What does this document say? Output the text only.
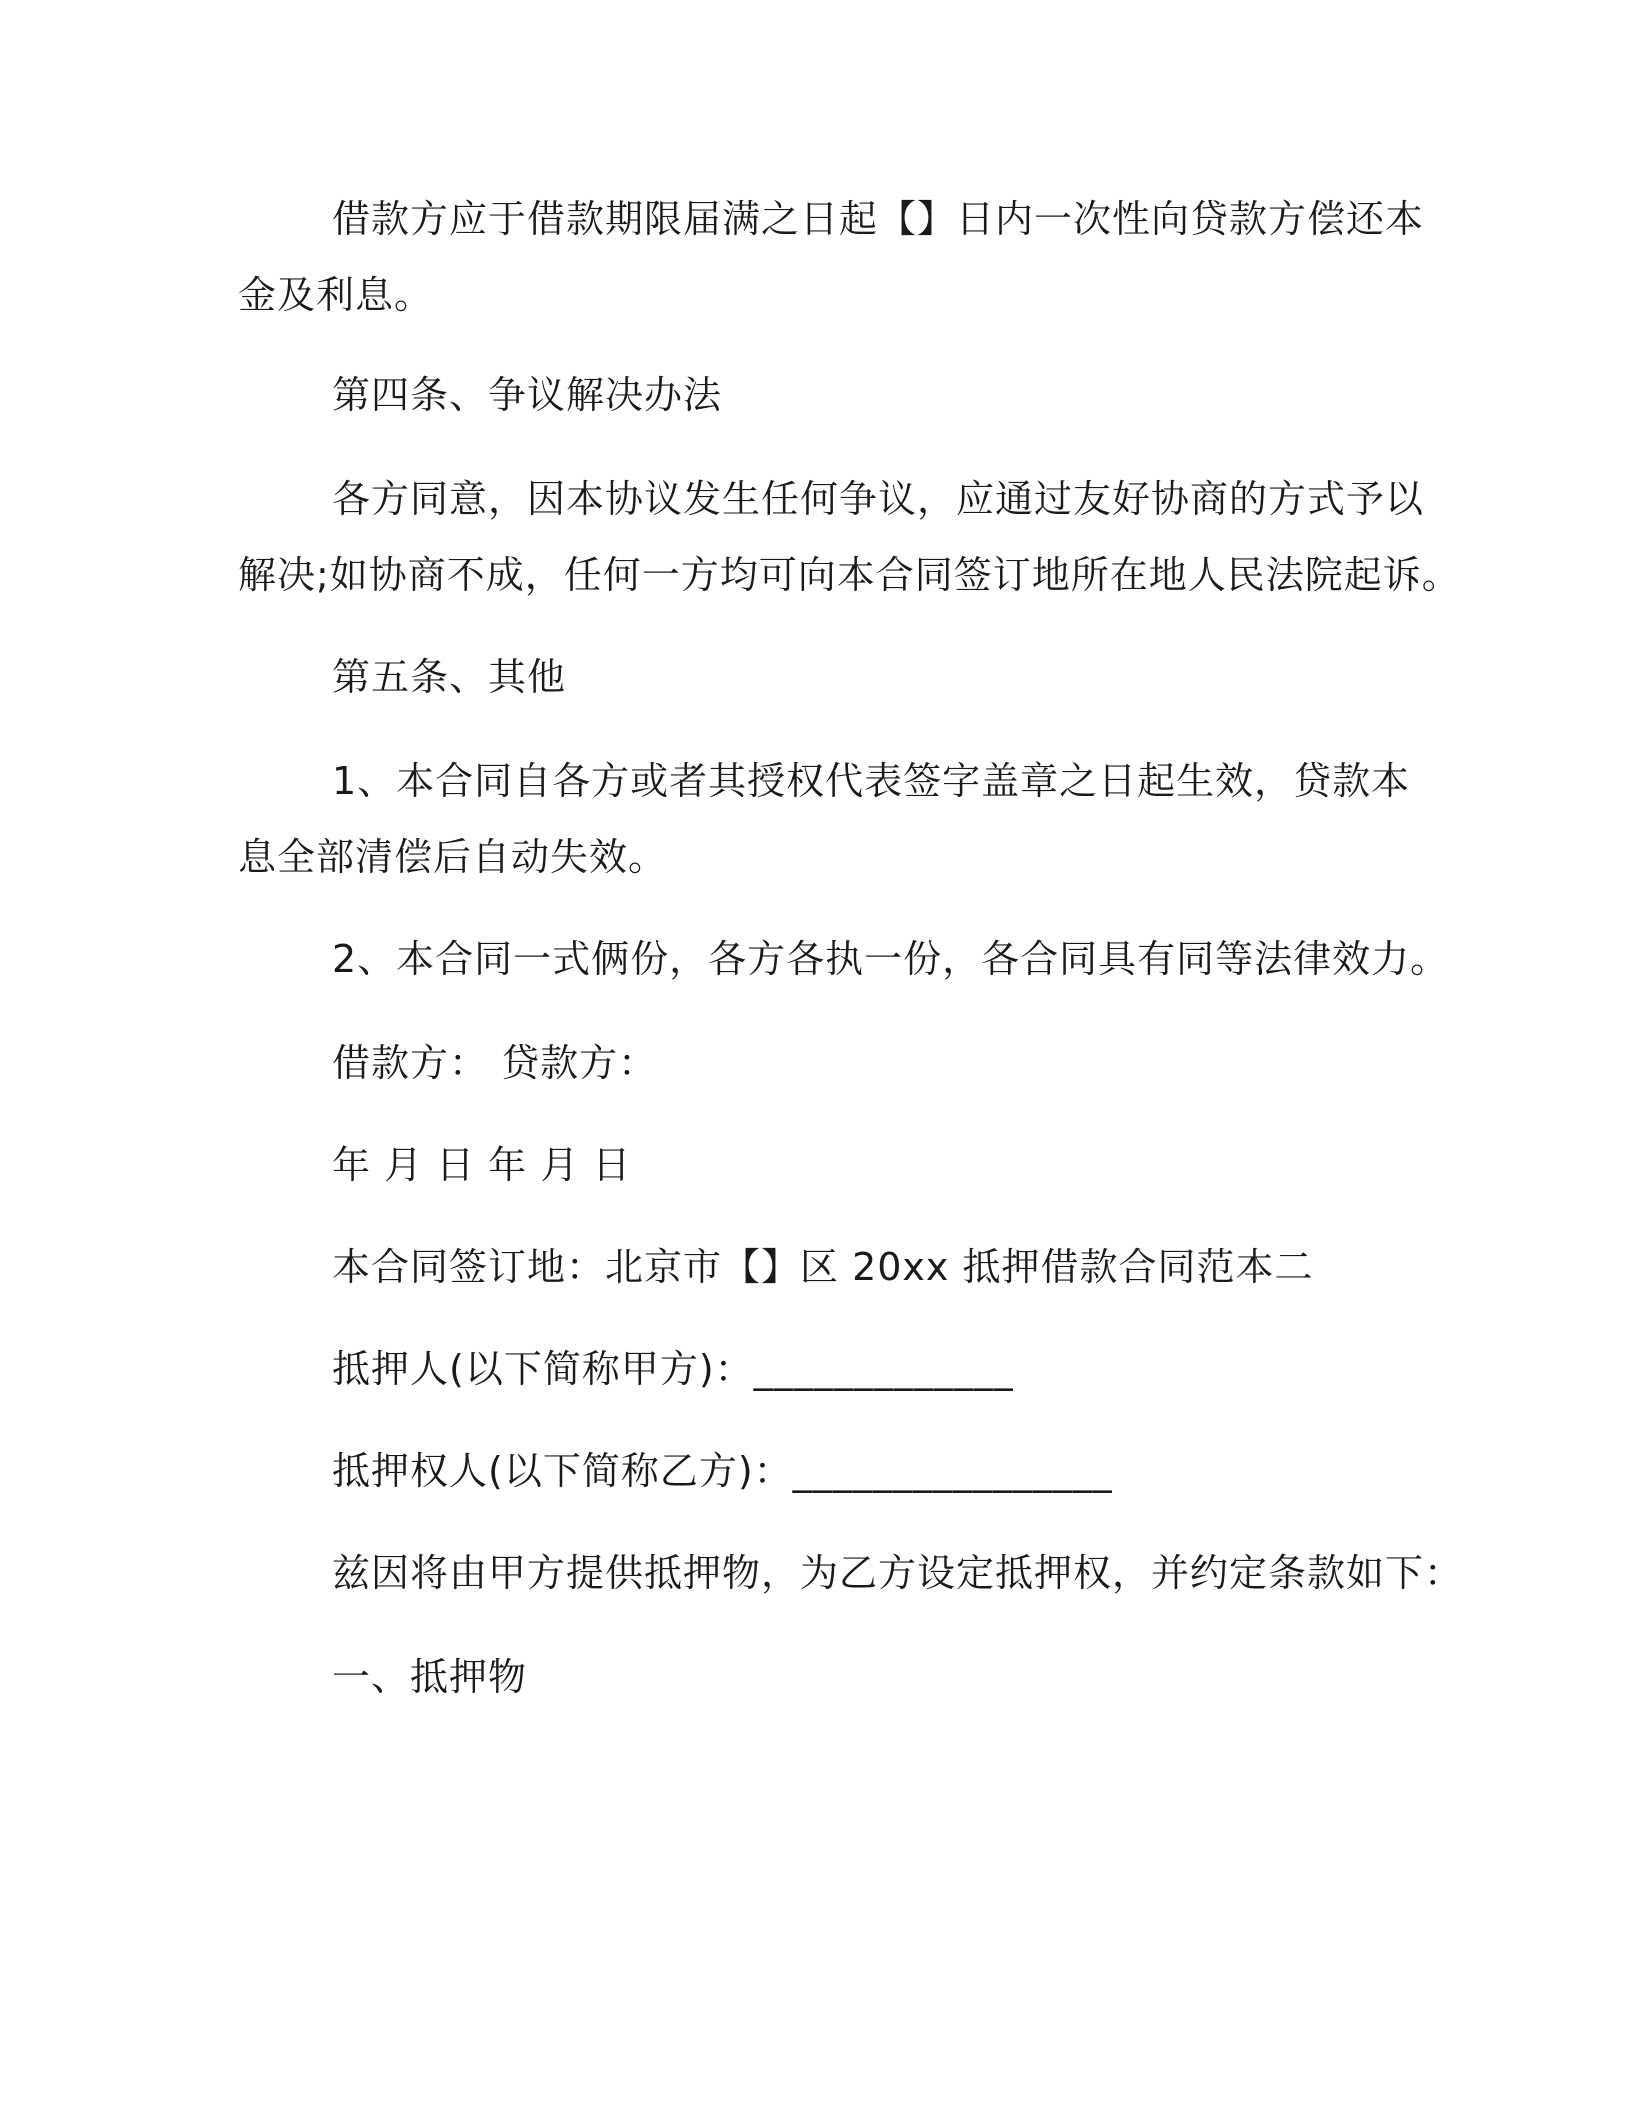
借款方应于借款期限届满之日起【】日内一次性向贷款方偿还本
金及利息。
第四条、争议解决办法
各方同意，因本协议发生任何争议，应通过友好协商的方式予以
解决;如协商不成，任何一方均可向本合同签订地所在地人民法院起诉。
第五条、其他
1、本合同自各方或者其授权代表签字盖章之日起生效，贷款本
息全部清偿后自动失效。
2、本合同一式俩份，各方各执一份，各合同具有同等法律效力。
借款方： 贷款方：
年 月 日 年 月 日
本合同签订地：北京市【】区 20xx 抵押借款合同范本二
抵押人(以下简称甲方)：_____________
抵押权人(以下简称乙方)：________________
兹因将由甲方提供抵押物，为乙方设定抵押权，并约定条款如下：
一、抵押物
